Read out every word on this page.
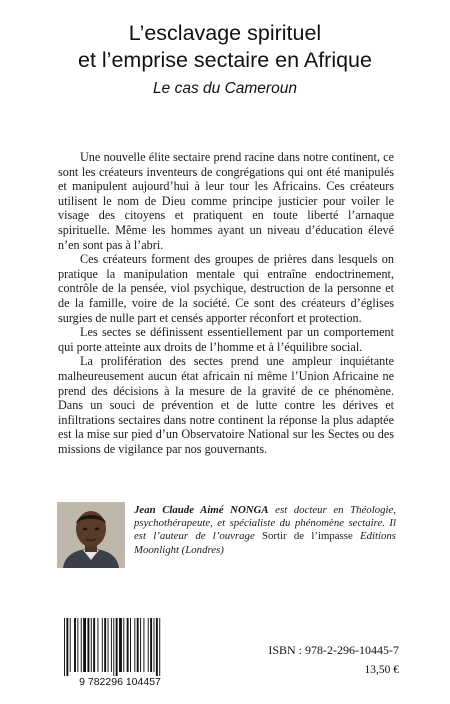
L’esclavage spirituel
et l’emprise sectaire en Afrique
Le cas du Cameroun

Une nouvelle élite sectaire prend racine dans notre continent, ce sont les créateurs inventeurs de congrégations qui ont été manipulés et manipulent aujourd’hui à leur tour les Africains. Ces créateurs utilisent le nom de Dieu comme principe justicier pour voiler le visage des citoyens et pratiquent en toute liberté l’arnaque spirituelle. Même les hommes ayant un niveau d’éducation élevé n’en sont pas à l’abri.

Ces créateurs forment des groupes de prières dans lesquels on pratique la manipulation mentale qui entraîne endoctrinement, contrôle de la pensée, viol psychique, destruction de la personne et de la famille, voire de la société. Ce sont des créateurs d’églises surgies de nulle part et censés apporter réconfort et protection.

Les sectes se définissent essentiellement par un comportement qui porte atteinte aux droits de l’homme et à l’équilibre social.

La prolifération des sectes prend une ampleur inquiétante malheureusement aucun état africain ni même l’Union Africaine ne prend des décisions à la mesure de la gravité de ce phénomène. Dans un souci de prévention et de lutte contre les dérives et infiltrations sectaires dans notre continent la réponse la plus adaptée est la mise sur pied d’un Observatoire National sur les Sectes ou des missions de vigilance par nos gouvernants.

Jean Claude Aimé NONGA est docteur en Théologie, psychothérapeute, et spécialiste du phénomène sectaire. Il est l’auteur de l’ouvrage Sortir de l’impasse Editions Moonlight (Londres)
9 782296 104457
ISBN : 978-2-296-10445-7
13,50 €
